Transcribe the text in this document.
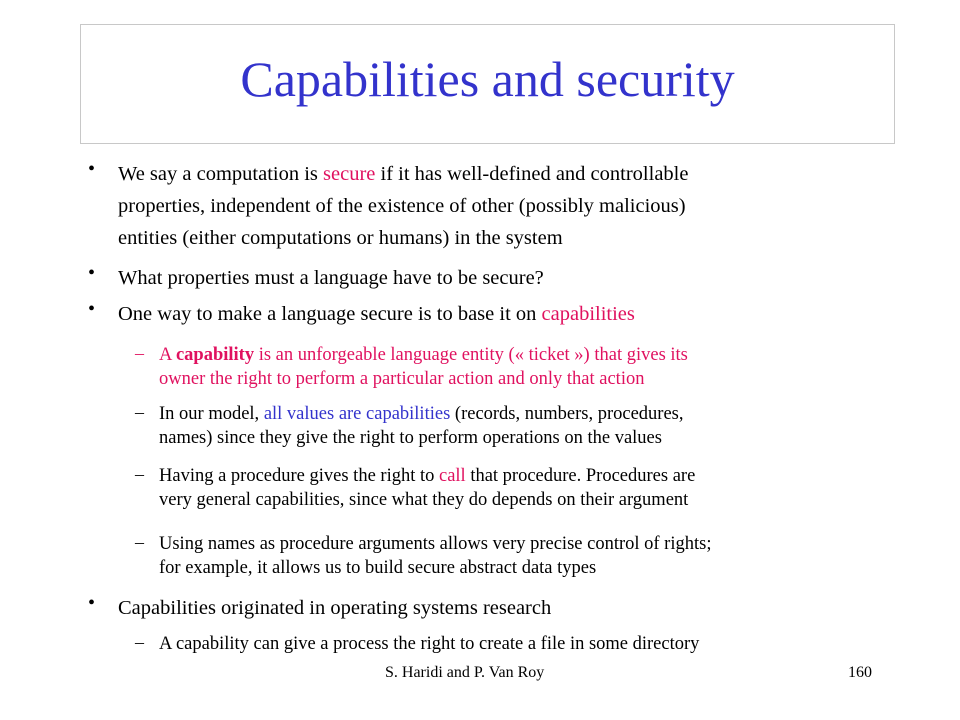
Capabilities and security
• We say a computation is secure if it has well-defined and controllable
properties, independent of the existence of other (possibly malicious)
entities (either computations or humans) in the system
• What properties must a language have to be secure?
• One way to make a language secure is to base it on capabilities
– A capability is an unforgeable language entity (« ticket ») that gives its
owner the right to perform a particular action and only that action
– In our model, all values are capabilities (records, numbers, procedures,
names) since they give the right to perform operations on the values
– Having a procedure gives the right to call that procedure. Procedures are
very general capabilities, since what they do depends on their argument
– Using names as procedure arguments allows very precise control of rights;
for example, it allows us to build secure abstract data types
• Capabilities originated in operating systems research
– A capability can give a process the right to create a file in some directory
S. Haridi and P. Van Roy	160
